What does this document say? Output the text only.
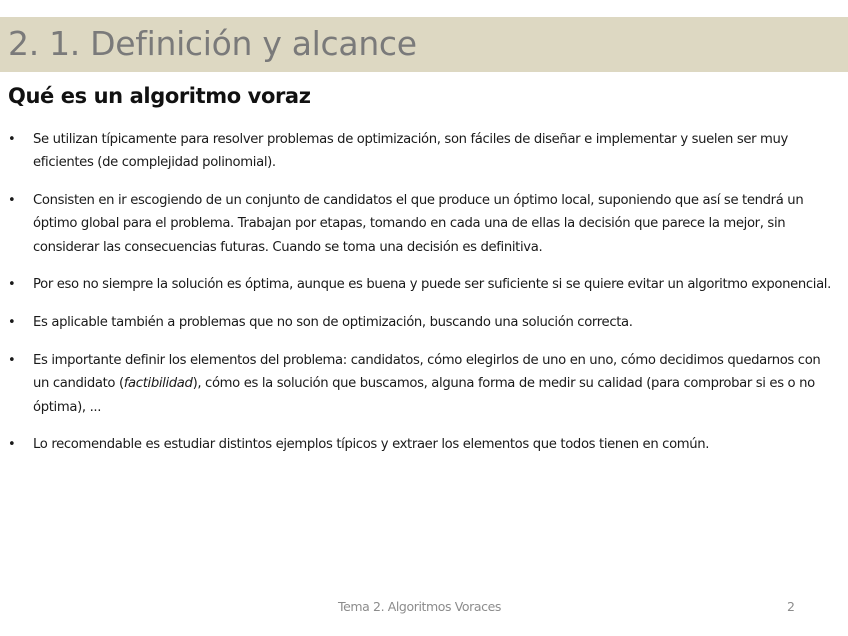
2. 1. Definición y alcance
Qué es un algoritmo voraz
• Se utilizan típicamente para resolver problemas de optimización, son fáciles de diseñar e implementar y suelen ser muy eficientes (de complejidad polinomial).
• Consisten en ir escogiendo de un conjunto de candidatos el que produce un óptimo local, suponiendo que así se tendrá un óptimo global para el problema. Trabajan por etapas, tomando en cada una de ellas la decisión que parece la mejor, sin considerar las consecuencias futuras. Cuando se toma una decisión es definitiva.
• Por eso no siempre la solución es óptima, aunque es buena y puede ser suficiente si se quiere evitar un algoritmo exponencial.
• Es aplicable también a problemas que no son de optimización, buscando una solución correcta.
• Es importante definir los elementos del problema: candidatos, cómo elegirlos de uno en uno, cómo decidimos quedarnos con un candidato (factibilidad), cómo es la solución que buscamos, alguna forma de medir su calidad (para comprobar si es o no óptima), ...
• Lo recomendable es estudiar distintos ejemplos típicos y extraer los elementos que todos tienen en común.
Tema 2. Algoritmos Voraces	2
